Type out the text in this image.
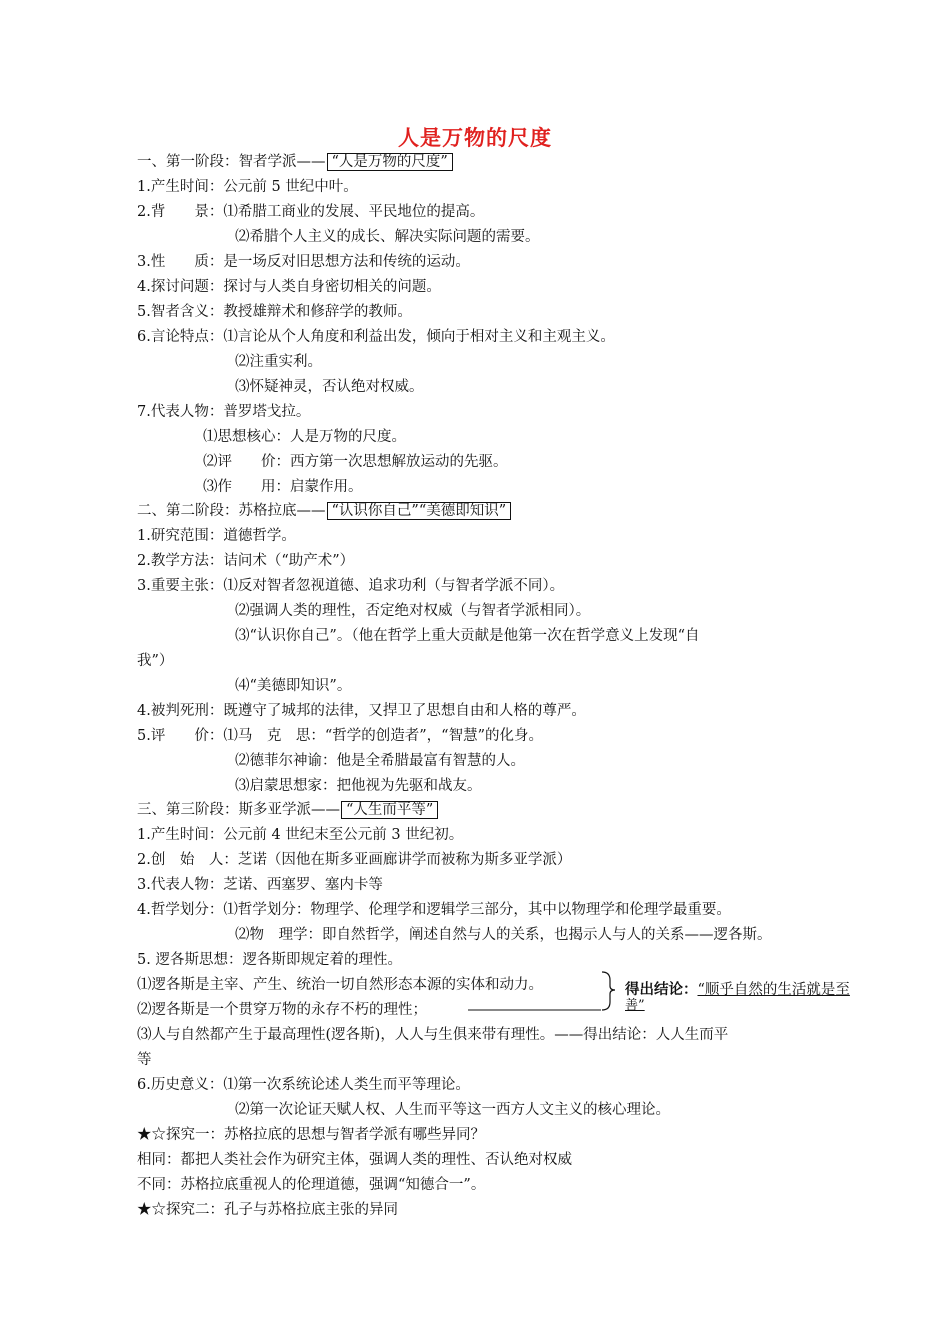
人是万物的尺度
一、第一阶段：智者学派—— “人是万物的尺度”
1.产生时间：公元前 5 世纪中叶。
2.背　　景：⑴希腊工商业的发展、平民地位的提高。
⑵希腊个人主义的成长、解决实际问题的需要。
3.性　　质：是一场反对旧思想方法和传统的运动。
4.探讨问题：探讨与人类自身密切相关的问题。
5.智者含义：教授雄辩术和修辞学的教师。
6.言论特点：⑴言论从个人角度和利益出发，倾向于相对主义和主观主义。
⑵注重实利。
⑶怀疑神灵，否认绝对权威。
7.代表人物：普罗塔戈拉。
⑴思想核心：人是万物的尺度。
⑵评　　价：西方第一次思想解放运动的先驱。
⑶作　　用：启蒙作用。
二、第二阶段：苏格拉底—— “认识你自己”“美德即知识”
1.研究范围：道德哲学。
2.教学方法：诘问术（“助产术”）
3.重要主张：⑴反对智者忽视道德、追求功利（与智者学派不同）。
⑵强调人类的理性，否定绝对权威（与智者学派相同）。
⑶“认识你自己”。（他在哲学上重大贡献是他第一次在哲学意义上发现“自
我”）
⑷“美德即知识”。
4.被判死刑：既遵守了城邦的法律，又捍卫了思想自由和人格的尊严。
5.评　　价：⑴马　克　思：“哲学的创造者”，“智慧”的化身。
⑵德菲尔神谕：他是全希腊最富有智慧的人。
⑶启蒙思想家：把他视为先驱和战友。
三、第三阶段：斯多亚学派—— “人生而平等”
1.产生时间：公元前 4 世纪末至公元前 3 世纪初。
2.创　始　人：芝诺（因他在斯多亚画廊讲学而被称为斯多亚学派）
3.代表人物：芝诺、西塞罗、塞内卡等
4.哲学划分：⑴哲学划分：物理学、伦理学和逻辑学三部分，其中以物理学和伦理学最重要。
⑵物　理学：即自然哲学，阐述自然与人的关系，也揭示人与人的关系——逻各斯。
5. 逻各斯思想：逻各斯即规定着的理性。
⑴逻各斯是主宰、产生、统治一切自然形态本源的实体和动力。
⑵逻各斯是一个贯穿万物的永存不朽的理性；
得出结论：“顺乎自然的生活就是至
善”
⑶人与自然都产生于最高理性(逻各斯)，人人与生俱来带有理性。——得出结论：人人生而平
等
6.历史意义：⑴第一次系统论述人类生而平等理论。
⑵第一次论证天赋人权、人生而平等这一西方人文主义的核心理论。
★☆探究一：苏格拉底的思想与智者学派有哪些异同？
相同：都把人类社会作为研究主体，强调人类的理性、否认绝对权威
不同：苏格拉底重视人的伦理道德，强调“知德合一”。
★☆探究二：孔子与苏格拉底主张的异同
